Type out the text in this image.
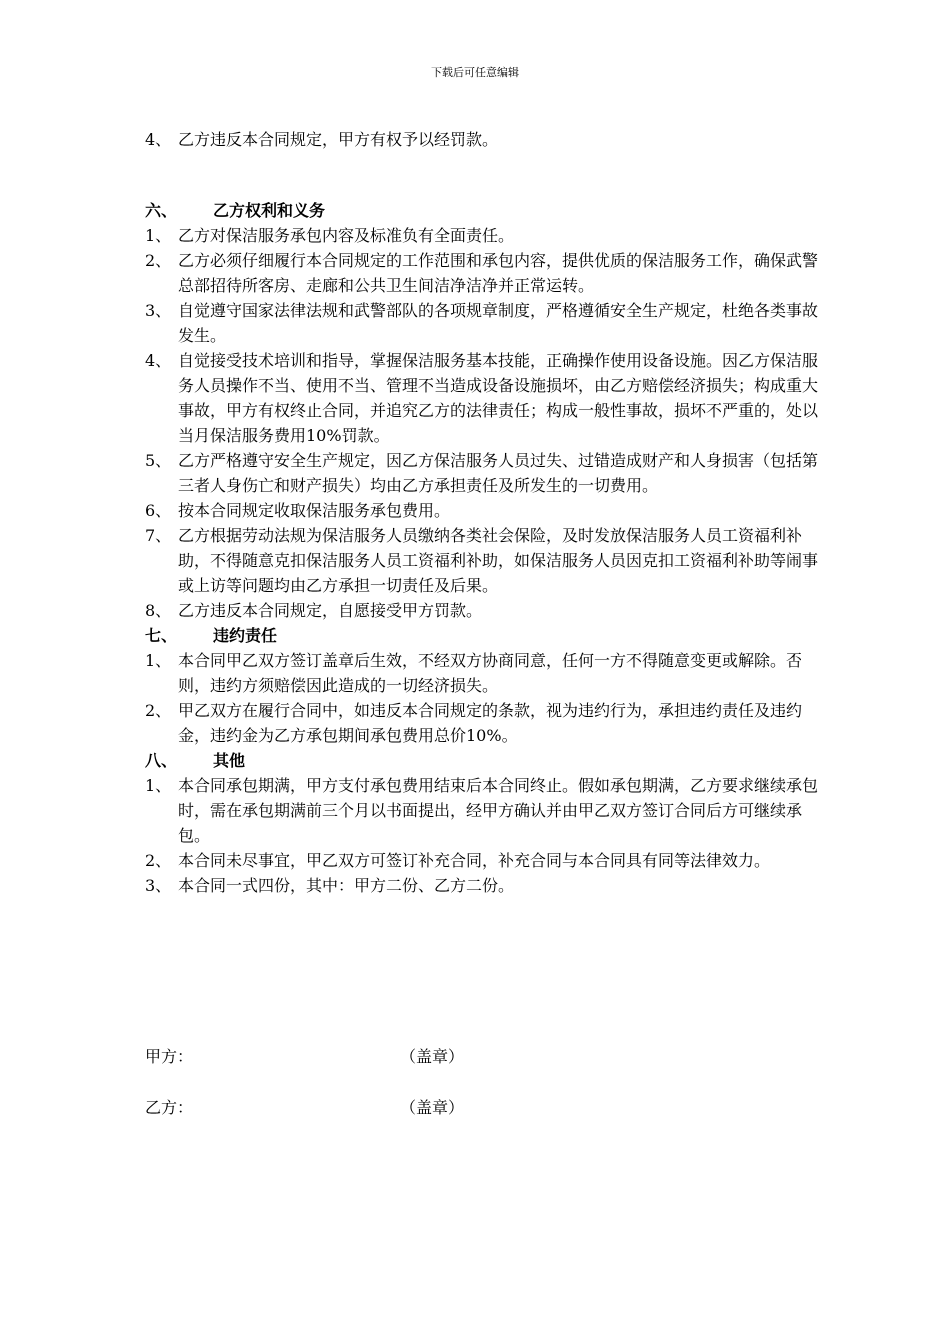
下载后可任意编辑
4、 乙方违反本合同规定，甲方有权予以经罚款。
六、 乙方权利和义务
1、 乙方对保洁服务承包内容及标准负有全面责任。
2、 乙方必须仔细履行本合同规定的工作范围和承包内容，提供优质的保洁服务工作，确保武警总部招待所客房、走廊和公共卫生间洁净洁净并正常运转。
3、 自觉遵守国家法律法规和武警部队的各项规章制度，严格遵循安全生产规定，杜绝各类事故发生。
4、 自觉接受技术培训和指导，掌握保洁服务基本技能，正确操作使用设备设施。因乙方保洁服务人员操作不当、使用不当、管理不当造成设备设施损坏，由乙方赔偿经济损失；构成重大事故，甲方有权终止合同，并追究乙方的法律责任；构成一般性事故，损坏不严重的，处以当月保洁服务费用10%罚款。
5、 乙方严格遵守安全生产规定，因乙方保洁服务人员过失、过错造成财产和人身损害（包括第三者人身伤亡和财产损失）均由乙方承担责任及所发生的一切费用。
6、 按本合同规定收取保洁服务承包费用。
7、 乙方根据劳动法规为保洁服务人员缴纳各类社会保险，及时发放保洁服务人员工资福利补助，不得随意克扣保洁服务人员工资福利补助，如保洁服务人员因克扣工资福利补助等闹事或上访等问题均由乙方承担一切责任及后果。
8、 乙方违反本合同规定，自愿接受甲方罚款。
七、 违约责任
1、 本合同甲乙双方签订盖章后生效，不经双方协商同意，任何一方不得随意变更或解除。否则，违约方须赔偿因此造成的一切经济损失。
2、 甲乙双方在履行合同中，如违反本合同规定的条款，视为违约行为，承担违约责任及违约金，违约金为乙方承包期间承包费用总价10%。
八、 其他
1、 本合同承包期满，甲方支付承包费用结束后本合同终止。假如承包期满，乙方要求继续承包时，需在承包期满前三个月以书面提出，经甲方确认并由甲乙双方签订合同后方可继续承包。
2、 本合同未尽事宜，甲乙双方可签订补充合同，补充合同与本合同具有同等法律效力。
3、 本合同一式四份，其中：甲方二份、乙方二份。
甲方：	（盖章）
乙方：	（盖章）
